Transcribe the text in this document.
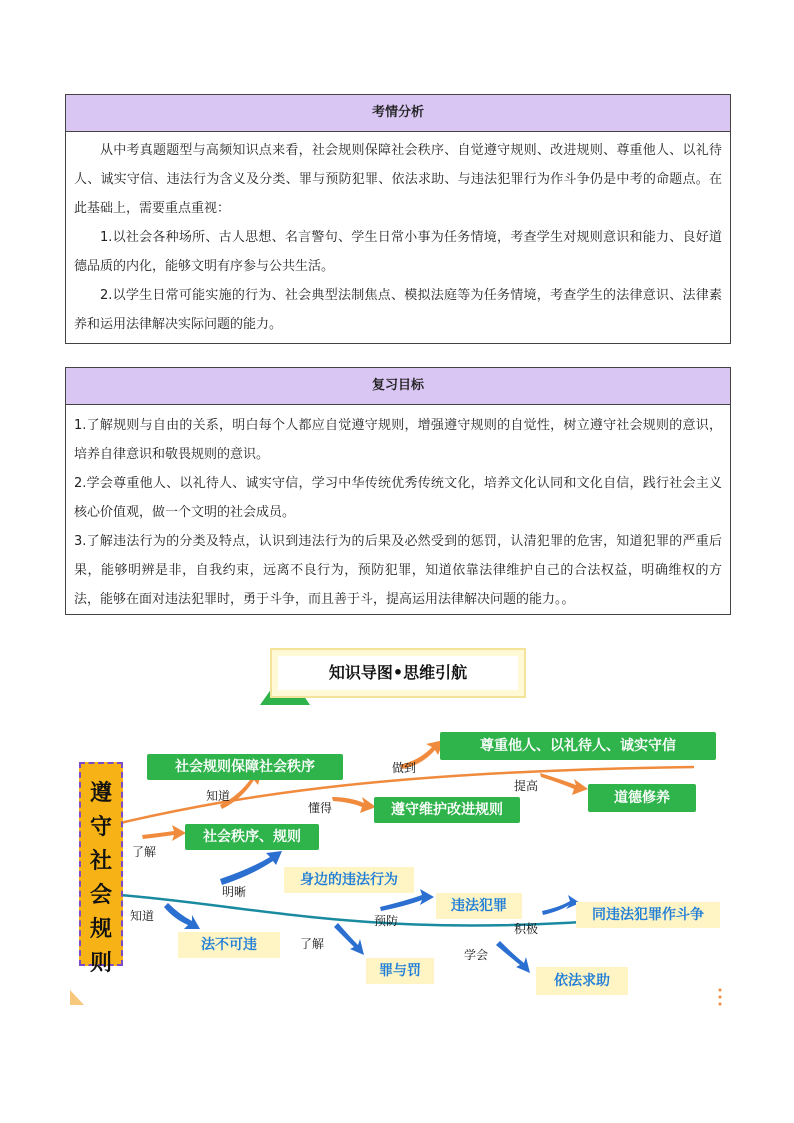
考情分析

从中考真题题型与高频知识点来看，社会规则保障社会秩序、自觉遵守规则、改进规则、尊重他人、以礼待人、诚实守信、违法行为含义及分类、罪与预防犯罪、依法求助、与违法犯罪行为作斗争仍是中考的命题点。在此基础上，需要重点重视：

1.以社会各种场所、古人思想、名言警句、学生日常小事为任务情境，考查学生对规则意识和能力、良好道德品质的内化，能够文明有序参与公共生活。

2.以学生日常可能实施的行为、社会典型法制焦点、模拟法庭等为任务情境，考查学生的法律意识、法律素养和运用法律解决实际问题的能力。

复习目标

1.了解规则与自由的关系，明白每个人都应自觉遵守规则，增强遵守规则的自觉性，树立遵守社会规则的意识，培养自律意识和敬畏规则的意识。

2.学会尊重他人、以礼待人、诚实守信，学习中华传统优秀传统文化，培养文化认同和文化自信，践行社会主义核心价值观，做一个文明的社会成员。

3.了解违法行为的分类及特点，认识到违法行为的后果及必然受到的惩罚，认清犯罪的危害，知道犯罪的严重后果，能够明辨是非，自我约束，远离不良行为，预防犯罪，知道依靠法律维护自己的合法权益，明确维权的方法，能够在面对违法犯罪时，勇于斗争，而且善于斗，提高运用法律解决问题的能力。。

知识导图•思维引航
遵守社会规则
社会规则保障社会秩序
尊重他人、以礼待人、诚实守信
遵守维护改进规则
道德修养
社会秩序、规则
身边的违法行为
违法犯罪
同违法犯罪作斗争
法不可违
罪与罚
依法求助
知道
做到
懂得
提高
了解
明晰
预防
积极
知道
了解
学会
